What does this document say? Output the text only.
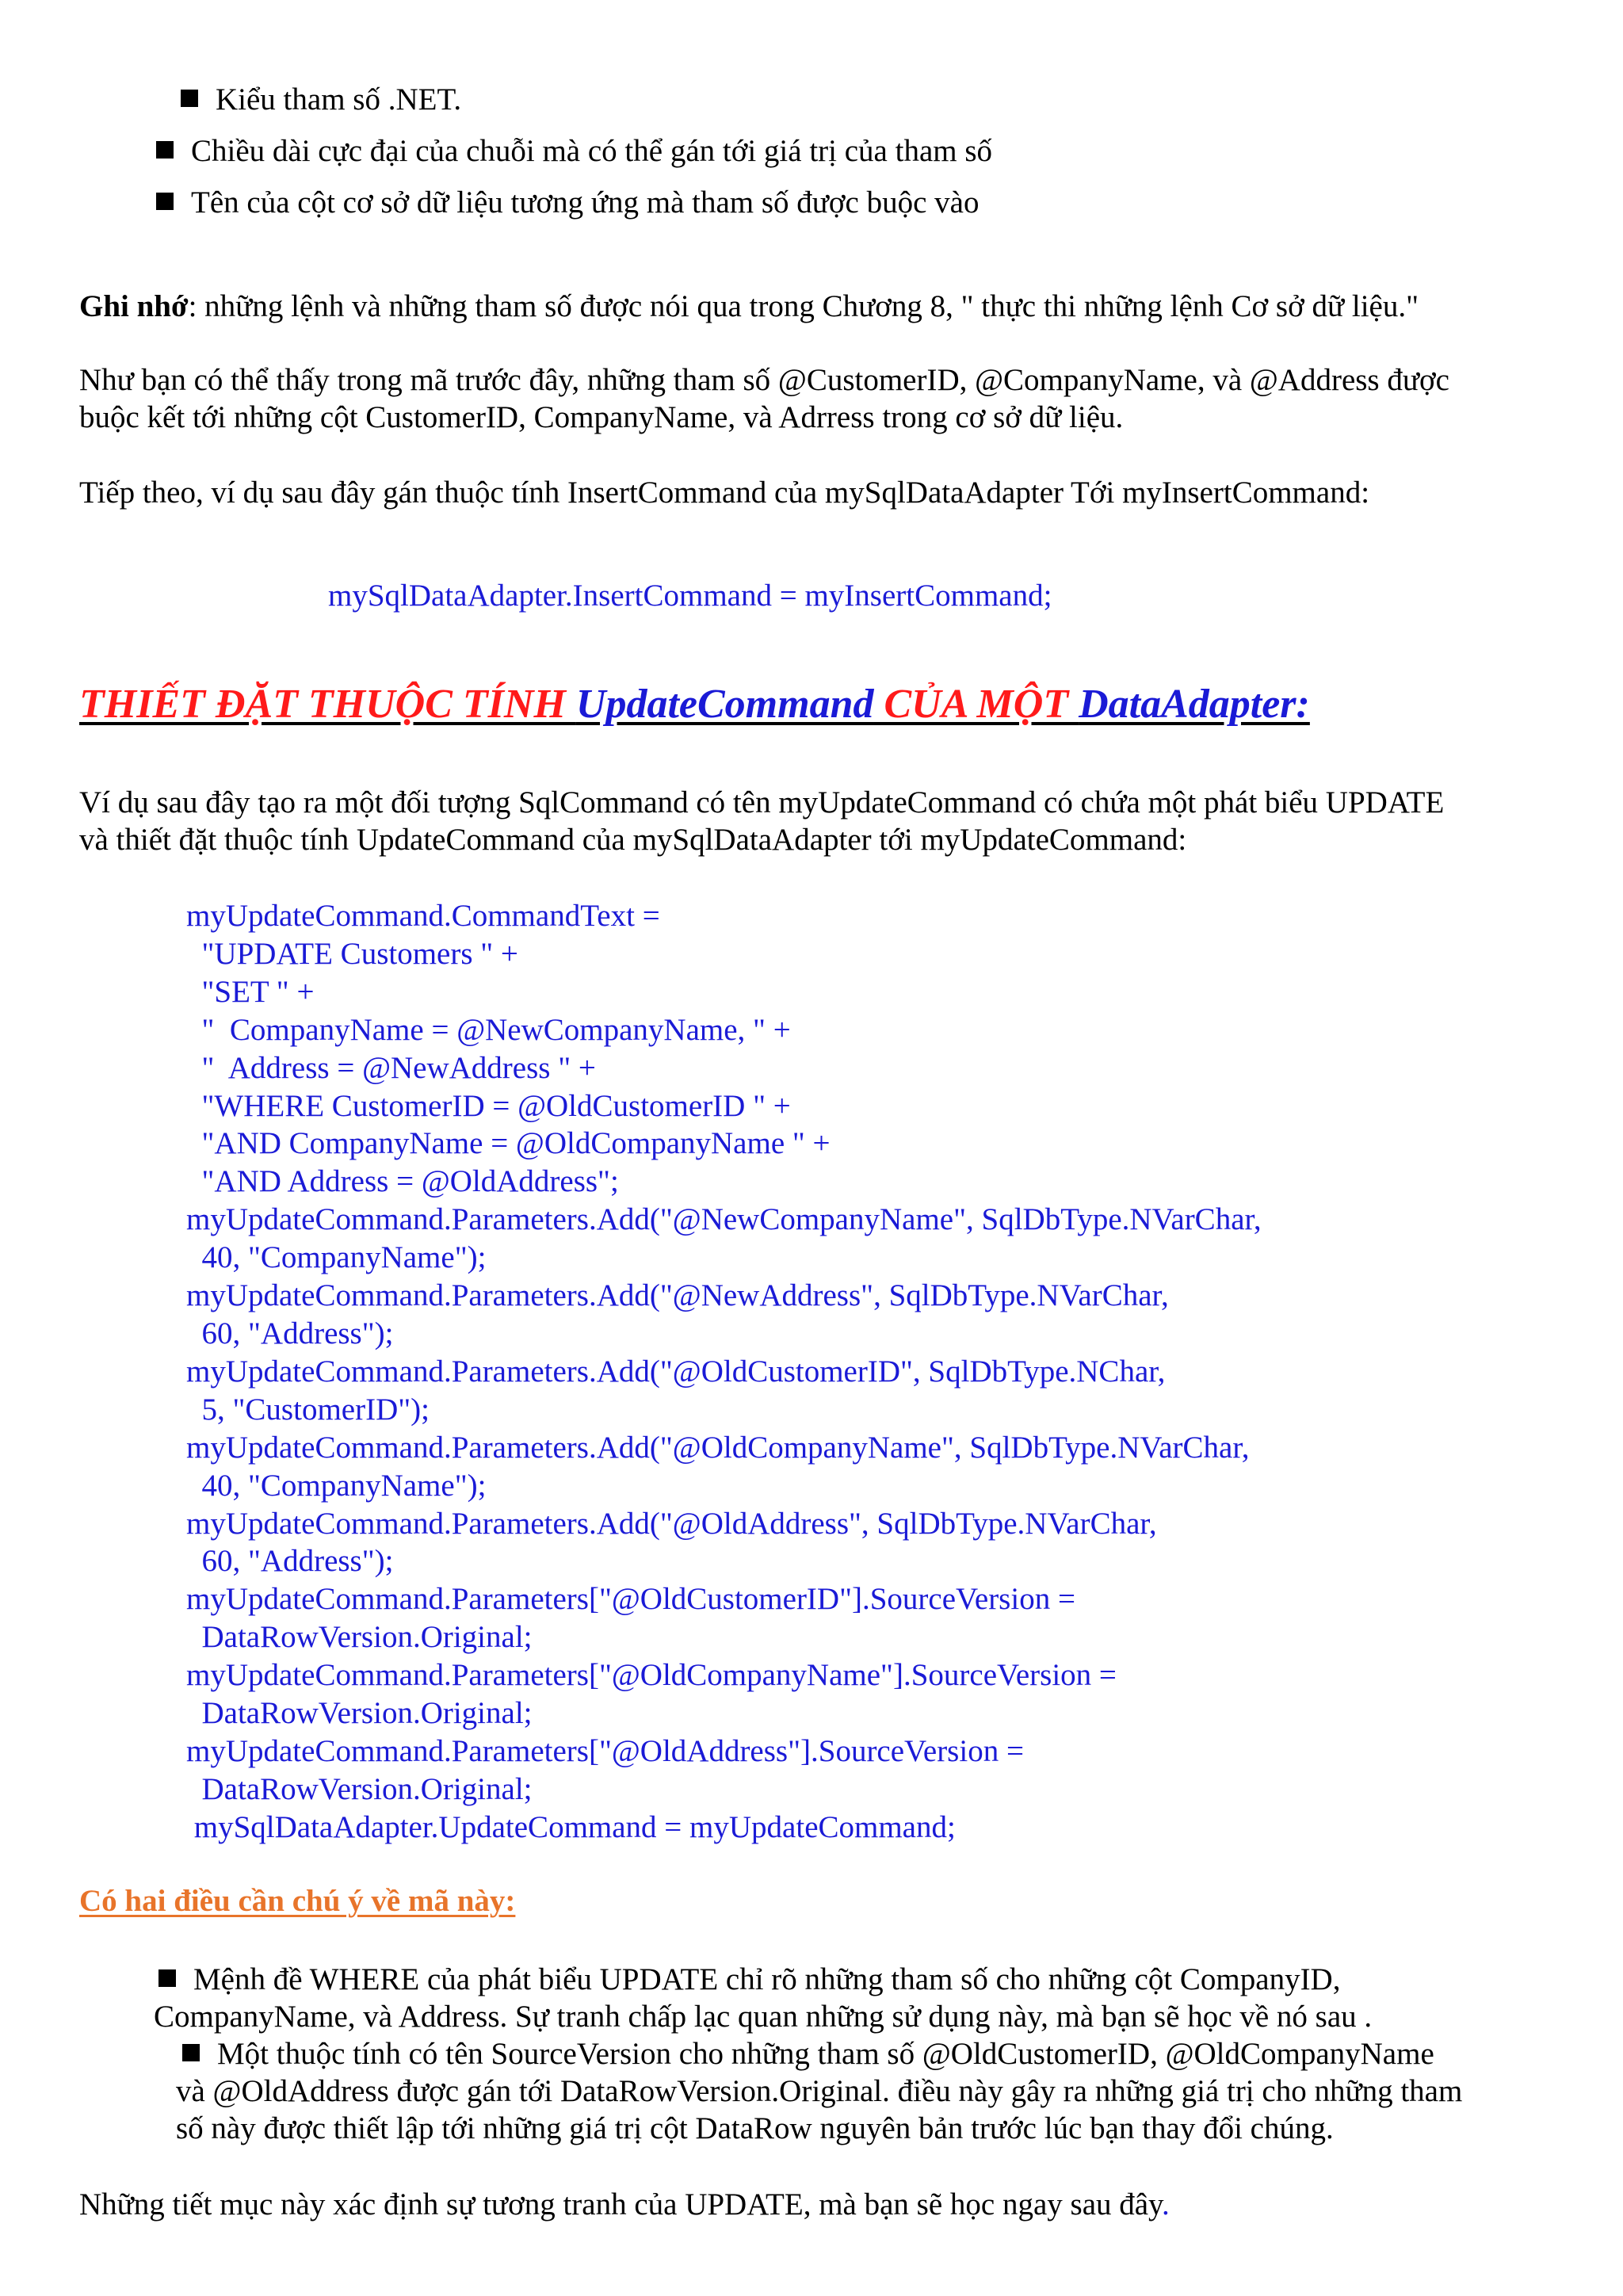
Kiểu tham số .NET.
Chiều dài cực đại của chuỗi mà có thể gán tới giá trị của tham số
Tên của cột cơ sở dữ liệu tương ứng mà tham số được buộc vào
Ghi nhớ: những lệnh và những tham số được nói qua trong Chương 8, " thực thi những lệnh Cơ sở dữ liệu."
Như bạn có thể thấy trong mã trước đây, những tham số @CustomerID, @CompanyName, và @Address được
buộc kết tới những cột CustomerID, CompanyName, và Adrress trong cơ sở dữ liệu.
Tiếp theo, ví dụ sau đây gán thuộc tính InsertCommand của mySqlDataAdapter Tới myInsertCommand:
mySqlDataAdapter.InsertCommand = myInsertCommand;
THIẾT ĐẶT THUỘC TÍNH UpdateCommand CỦA MỘT DataAdapter:
Ví dụ sau đây tạo ra một đối tượng SqlCommand có tên myUpdateCommand có chứa một phát biểu UPDATE
và thiết đặt thuộc tính UpdateCommand của mySqlDataAdapter tới myUpdateCommand:
myUpdateCommand.CommandText =
"UPDATE Customers " +
"SET " +
"  CompanyName = @NewCompanyName, " +
"  Address = @NewAddress " +
"WHERE CustomerID = @OldCustomerID " +
"AND CompanyName = @OldCompanyName " +
"AND Address = @OldAddress";
myUpdateCommand.Parameters.Add("@NewCompanyName", SqlDbType.NVarChar,
40, "CompanyName");
myUpdateCommand.Parameters.Add("@NewAddress", SqlDbType.NVarChar,
60, "Address");
myUpdateCommand.Parameters.Add("@OldCustomerID", SqlDbType.NChar,
5, "CustomerID");
myUpdateCommand.Parameters.Add("@OldCompanyName", SqlDbType.NVarChar,
40, "CompanyName");
myUpdateCommand.Parameters.Add("@OldAddress", SqlDbType.NVarChar,
60, "Address");
myUpdateCommand.Parameters["@OldCustomerID"].SourceVersion =
DataRowVersion.Original;
myUpdateCommand.Parameters["@OldCompanyName"].SourceVersion =
DataRowVersion.Original;
myUpdateCommand.Parameters["@OldAddress"].SourceVersion =
DataRowVersion.Original;
mySqlDataAdapter.UpdateCommand = myUpdateCommand;
Có hai điều cần chú ý về mã này:
Mệnh đề WHERE của phát biểu UPDATE chỉ rõ những tham số cho những cột CompanyID,
CompanyName, và Address. Sự tranh chấp lạc quan những sử dụng này, mà bạn sẽ học về nó sau .
Một thuộc tính có tên SourceVersion cho những tham số @OldCustomerID, @OldCompanyName
và @OldAddress được gán tới DataRowVersion.Original. điều này gây ra những giá trị cho những tham
số này được thiết lập tới những giá trị cột DataRow nguyên bản trước lúc bạn thay đổi chúng.
Những tiết mục này xác định sự tương tranh của UPDATE, mà bạn sẽ học ngay sau đây.
